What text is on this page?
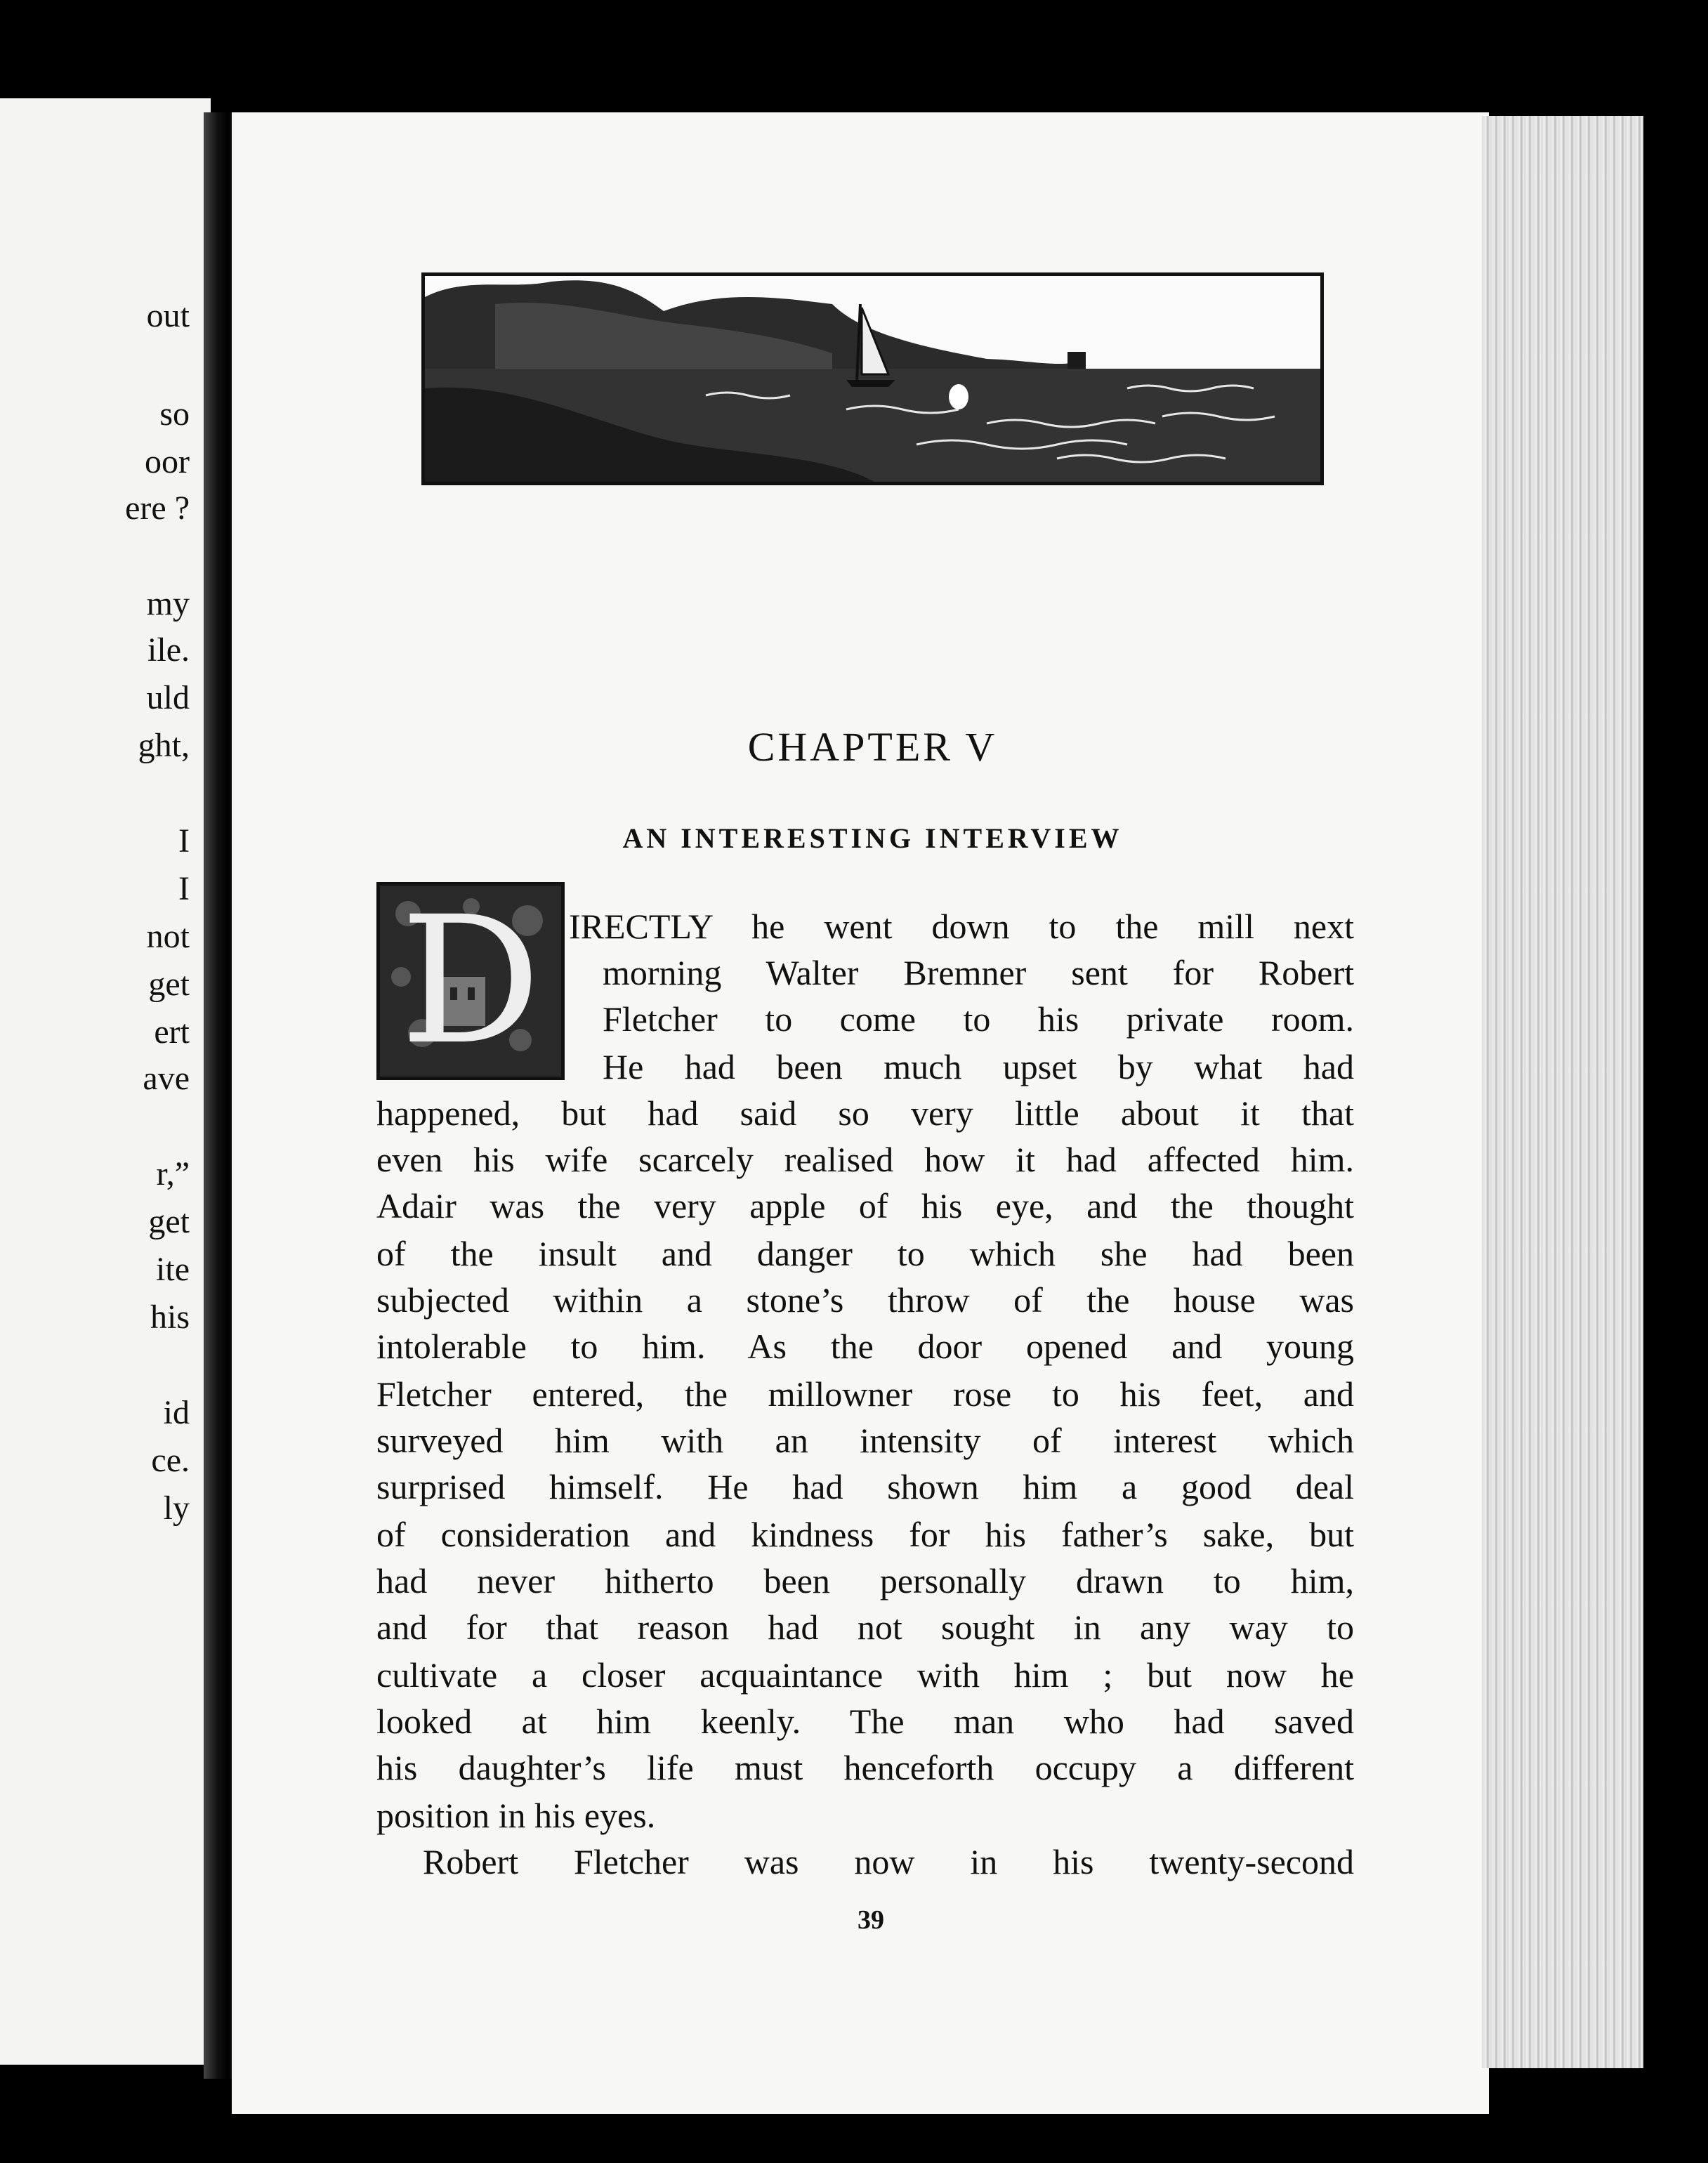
out
so
oor
ere ?
my
ile.
uld
ght,
I
I
not
get
ert
ave
r,”
get
ite
his
id
ce.
ly
CHAPTER V
AN INTERESTING INTERVIEW
D IRECTLY he went down to the mill next
morning Walter Bremner sent for Robert
Fletcher to come to his private room.
He had been much upset by what had
happened, but had said so very little about it that
even his wife scarcely realised how it had affected him.
Adair was the very apple of his eye, and the thought
of the insult and danger to which she had been
subjected within a stone’s throw of the house was
intolerable to him. As the door opened and young
Fletcher entered, the millowner rose to his feet, and
surveyed him with an intensity of interest which
surprised himself. He had shown him a good deal
of consideration and kindness for his father’s sake, but
had never hitherto been personally drawn to him,
and for that reason had not sought in any way to
cultivate a closer acquaintance with him ; but now he
looked at him keenly. The man who had saved
his daughter’s life must henceforth occupy a different
position in his eyes.
Robert Fletcher was now in his twenty-second
39
